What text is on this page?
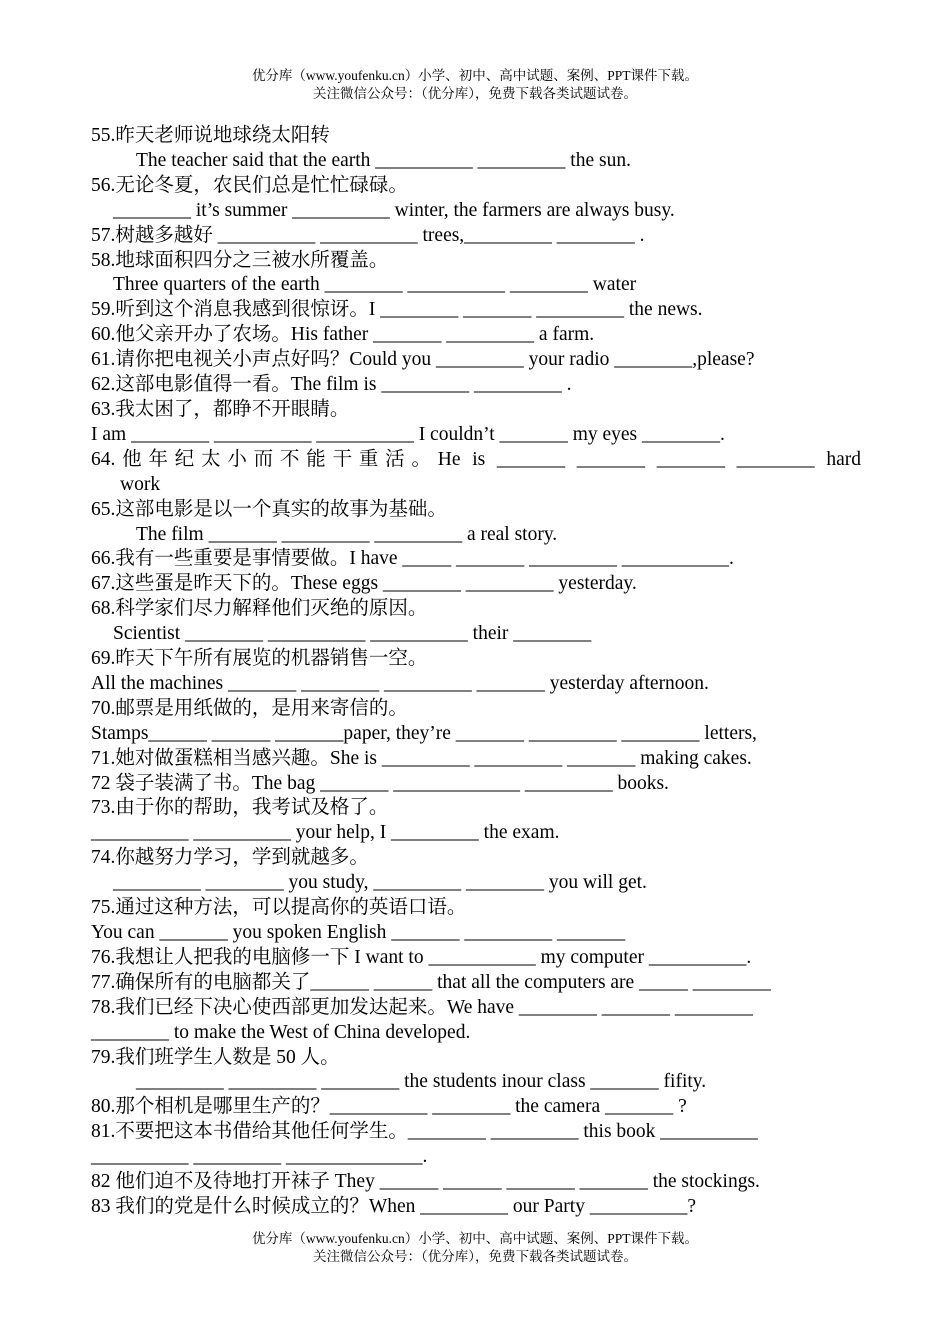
优分库（www.youfenku.cn）小学、初中、高中试题、案例、PPT课件下载。
关注微信公众号：（优分库），免费下载各类试题试卷。
55.昨天老师说地球绕太阳转
The teacher said that the earth __________ _________ the sun.
56.无论冬夏，农民们总是忙忙碌碌。
________ it’s summer __________ winter, the farmers are always busy.
57.树越多越好 __________ __________ trees,_________ ________ .
58.地球面积四分之三被水所覆盖。
Three quarters of the earth ________ __________ ________ water
59.听到这个消息我感到很惊讶。I ________ _______ _________ the news.
60.他父亲开办了农场。His father _______ _________ a farm.
61.请你把电视关小声点好吗？Could you _________ your radio ________,please?
62.这部电影值得一看。The film is _________ _________ .
63.我太困了，都睁不开眼睛。
I am ________ __________ __________ I couldn’t _______ my eyes ________.
64.他年纪太小而不能干重活。He is _______ _______ _______ ________ hard
work
65.这部电影是以一个真实的故事为基础。
The film _______ _________ _________ a real story.
66.我有一些重要是事情要做。I have _____ _______ _________ ___________.
67.这些蛋是昨天下的。These eggs ________ _________ yesterday.
68.科学家们尽力解释他们灭绝的原因。
Scientist ________ __________ __________ their ________
69.昨天下午所有展览的机器销售一空。
All the machines _______ ________ _________ _______ yesterday afternoon.
70.邮票是用纸做的，是用来寄信的。
Stamps______ ______ _______paper, they’re _______ _________ ________ letters,
71.她对做蛋糕相当感兴趣。She is _________ _________ _______ making cakes.
72 袋子装满了书。The bag _______ _____________ _________ books.
73.由于你的帮助，我考试及格了。
__________ __________ your help, I _________ the exam.
74.你越努力学习，学到就越多。
_________ ________ you study, _________ ________ you will get.
75.通过这种方法，可以提高你的英语口语。
You can _______ you spoken English _______ _________ _______
76.我想让人把我的电脑修一下 I want to ___________ my computer __________.
77.确保所有的电脑都关了______ ______ that all the computers are _____ ________
78.我们已经下决心使西部更加发达起来。We have ________ _______ ________
________ to make the West of China developed.
79.我们班学生人数是 50 人。
_________ _________ ________ the students inour class _______ fifity.
80.那个相机是哪里生产的？__________ ________ the camera _______ ?
81.不要把这本书借给其他任何学生。________ _________ this book __________
__________ _________ ______________.
82 他们迫不及待地打开袜子 They ______ ______ _______ _______ the stockings.
83 我们的党是什么时候成立的？When _________ our Party __________?
优分库（www.youfenku.cn）小学、初中、高中试题、案例、PPT课件下载。
关注微信公众号：（优分库），免费下载各类试题试卷。
